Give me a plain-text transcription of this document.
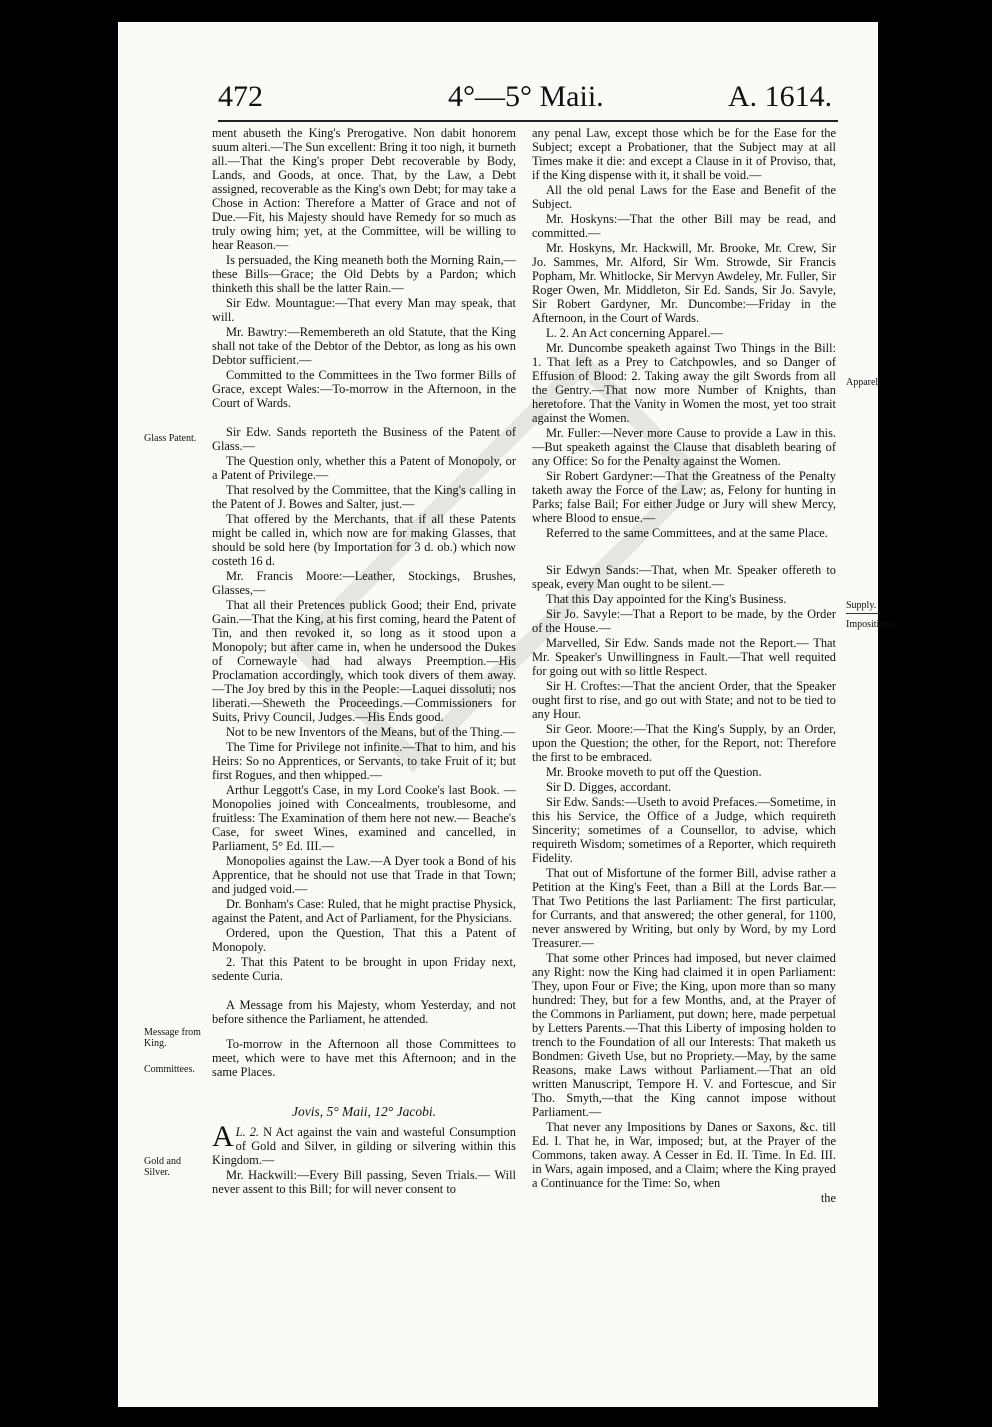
472	4°—5° Maii.	A. 1614.
Glass Patent.
Message from King.
Committees.
Gold and Silver.
Apparel.
Supply.
Impositions.

ment abuseth the King's Prerogative. Non dabit honorem suum alteri.—The Sun excellent: Bring it too nigh, it burneth all.—That the King's proper Debt recoverable by Body, Lands, and Goods, at once. That, by the Law, a Debt assigned, recoverable as the King's own Debt; for may take a Chose in Action: Therefore a Matter of Grace and not of Due.—Fit, his Majesty should have Remedy for so much as truly owing him; yet, at the Committee, will be willing to hear Reason.—

Is persuaded, the King meaneth both the Morning Rain,—these Bills—Grace; the Old Debts by a Pardon; which thinketh this shall be the latter Rain.—

Sir Edw. Mountague:—That every Man may speak, that will.

Mr. Bawtry:—Remembereth an old Statute, that the King shall not take of the Debtor of the Debtor, as long as his own Debtor sufficient.—

Committed to the Committees in the Two former Bills of Grace, except Wales:—To-morrow in the Afternoon, in the Court of Wards.

Sir Edw. Sands reporteth the Business of the Patent of Glass.—

The Question only, whether this a Patent of Monopoly, or a Patent of Privilege.—

That resolved by the Committee, that the King's calling in the Patent of J. Bowes and Salter, just.—

That offered by the Merchants, that if all these Patents might be called in, which now are for making Glasses, that should be sold here (by Importation for 3 d. ob.) which now costeth 16 d.

Mr. Francis Moore:—Leather, Stockings, Brushes, Glasses,—

That all their Pretences publick Good; their End, private Gain.—That the King, at his first coming, heard the Patent of Tin, and then revoked it, so long as it stood upon a Monopoly; but after came in, when he undersood the Dukes of Cornewayle had had always Preemption.—His Proclamation accordingly, which took divers of them away.—The Joy bred by this in the People:—Laquei dissoluti; nos liberati.—Sheweth the Proceedings.—Commissioners for Suits, Privy Council, Judges.—His Ends good.

Not to be new Inventors of the Means, but of the Thing.—

The Time for Privilege not infinite.—That to him, and his Heirs: So no Apprentices, or Servants, to take Fruit of it; but first Rogues, and then whipped.—

Arthur Leggott's Case, in my Lord Cooke's last Book. —Monopolies joined with Concealments, troublesome, and fruitless: The Examination of them here not new.— Beache's Case, for sweet Wines, examined and cancelled, in Parliament, 5° Ed. III.—

Monopolies against the Law.—A Dyer took a Bond of his Apprentice, that he should not use that Trade in that Town; and judged void.—

Dr. Bonham's Case: Ruled, that he might practise Physick, against the Patent, and Act of Parliament, for the Physicians.

Ordered, upon the Question, That this a Patent of Monopoly.

2. That this Patent to be brought in upon Friday next, sedente Curia.

A Message from his Majesty, whom Yesterday, and not before sithence the Parliament, he attended.

To-morrow in the Afternoon all those Committees to meet, which were to have met this Afternoon; and in the same Places.

Jovis, 5° Maii, 12° Jacobi.

L. 2.
A N Act against the vain and wasteful Consumption of Gold and Silver, in gilding or silvering within this Kingdom.—

Mr. Hackwill:—Every Bill passing, Seven Trials.— Will never assent to this Bill; for will never consent to

any penal Law, except those which be for the Ease for the Subject; except a Probationer, that the Subject may at all Times make it die: and except a Clause in it of Proviso, that, if the King dispense with it, it shall be void.—

All the old penal Laws for the Ease and Benefit of the Subject.

Mr. Hoskyns:—That the other Bill may be read, and committed.—

Mr. Hoskyns, Mr. Hackwill, Mr. Brooke, Mr. Crew, Sir Jo. Sammes, Mr. Alford, Sir Wm. Strowde, Sir Francis Popham, Mr. Whitlocke, Sir Mervyn Awdeley, Mr. Fuller, Sir Roger Owen, Mr. Middleton, Sir Ed. Sands, Sir Jo. Savyle, Sir Robert Gardyner, Mr. Duncombe:—Friday in the Afternoon, in the Court of Wards.

L. 2. An Act concerning Apparel.—

Mr. Duncombe speaketh against Two Things in the Bill: 1. That left as a Prey to Catchpowles, and so Danger of Effusion of Blood: 2. Taking away the gilt Swords from all the Gentry.—That now more Number of Knights, than heretofore. That the Vanity in Women the most, yet too strait against the Women.

Mr. Fuller:—Never more Cause to provide a Law in this.—But speaketh against the Clause that disableth bearing of any Office: So for the Penalty against the Women.

Sir Robert Gardyner:—That the Greatness of the Penalty taketh away the Force of the Law; as, Felony for hunting in Parks; false Bail; For either Judge or Jury will shew Mercy, where Blood to ensue.—

Referred to the same Committees, and at the same Place.

Sir Edwyn Sands:—That, when Mr. Speaker offereth to speak, every Man ought to be silent.—

That this Day appointed for the King's Business.

Sir Jo. Savyle:—That a Report to be made, by the Order of the House.—

Marvelled, Sir Edw. Sands made not the Report.— That Mr. Speaker's Unwillingness in Fault.—That well requited for going out with so little Respect.

Sir H. Croftes:—That the ancient Order, that the Speaker ought first to rise, and go out with State; and not to be tied to any Hour.

Sir Geor. Moore:—That the King's Supply, by an Order, upon the Question; the other, for the Report, not: Therefore the first to be embraced.

Mr. Brooke moveth to put off the Question.

Sir D. Digges, accordant.

Sir Edw. Sands:—Useth to avoid Prefaces.—Sometime, in this his Service, the Office of a Judge, which requireth Sincerity; sometimes of a Counsellor, to advise, which requireth Wisdom; sometimes of a Reporter, which requireth Fidelity.

That out of Misfortune of the former Bill, advise rather a Petition at the King's Feet, than a Bill at the Lords Bar.—That Two Petitions the last Parliament: The first particular, for Currants, and that answered; the other general, for 1100, never answered by Writing, but only by Word, by my Lord Treasurer.—

That some other Princes had imposed, but never claimed any Right: now the King had claimed it in open Parliament: They, upon Four or Five; the King, upon more than so many hundred: They, but for a few Months, and, at the Prayer of the Commons in Parliament, put down; here, made perpetual by Letters Parents.—That this Liberty of imposing holden to trench to the Foundation of all our Interests: That maketh us Bondmen: Giveth Use, but no Propriety.—May, by the same Reasons, make Laws without Parliament.—That an old written Manuscript, Tempore H. V. and Fortescue, and Sir Tho. Smyth,—that the King cannot impose without Parliament.—

That never any Impositions by Danes or Saxons, &c. till Ed. I. That he, in War, imposed; but, at the Prayer of the Commons, taken away. A Cesser in Ed. II. Time. In Ed. III. in Wars, again imposed, and a Claim; where the King prayed a Continuance for the Time: So, when

the
